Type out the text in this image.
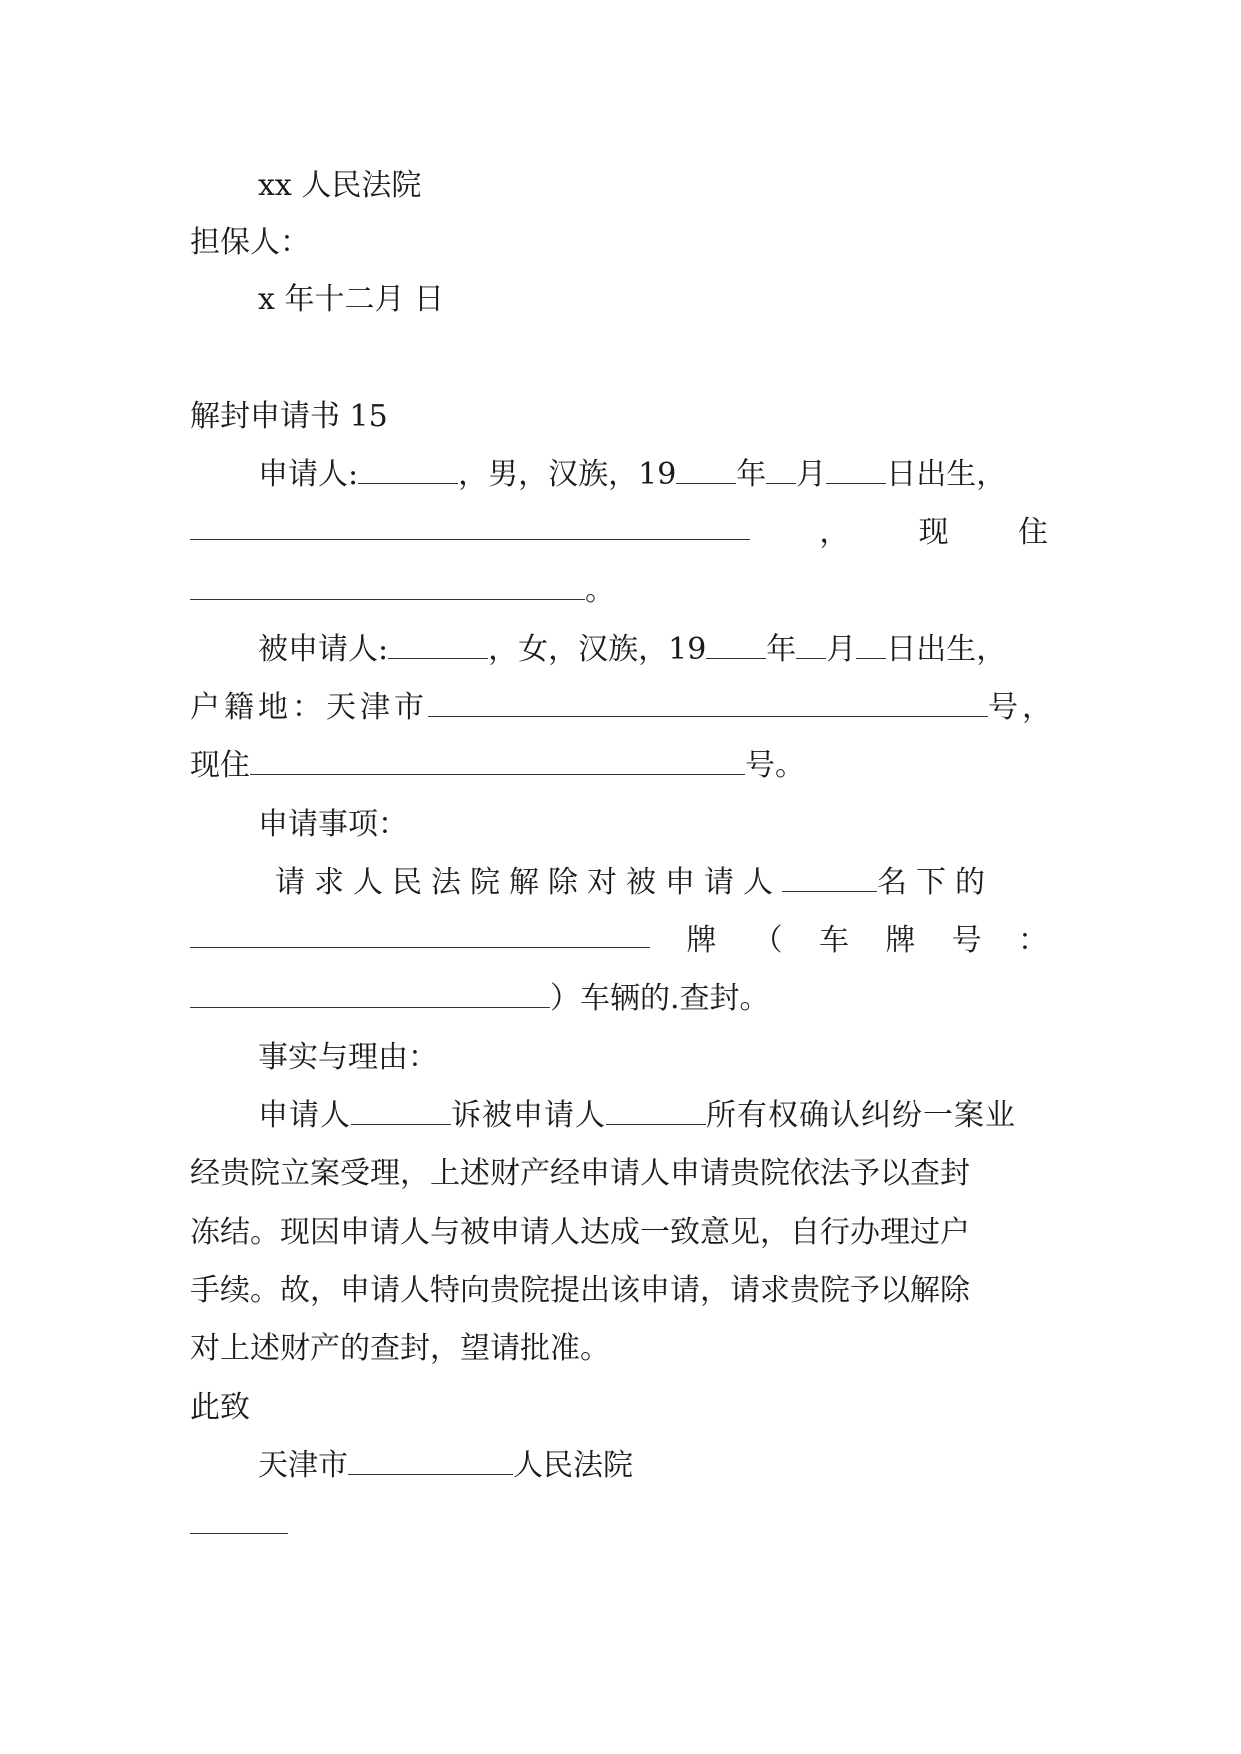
xx 人民法院
担保人：
x 年十二月 日
解封申请书 15
申请人:	，男，汉族，19 年 月 日出生，
， 现 住
。
被申请人:	，女，汉族，19 年 月 日出生，
户籍地：天津市	号，
现住	号。
申请事项：
请求人民法院解除对被申请人	名下的
牌 （ 车 牌 号 ：
）车辆的.查封。
事实与理由：
申请人	诉被申请人	所有权确认纠纷一案业
经贵院立案受理，上述财产经申请人申请贵院依法予以查封
冻结。现因申请人与被申请人达成一致意见，自行办理过户
手续。故，申请人特向贵院提出该申请，请求贵院予以解除
对上述财产的查封，望请批准。
此致
天津市	人民法院
